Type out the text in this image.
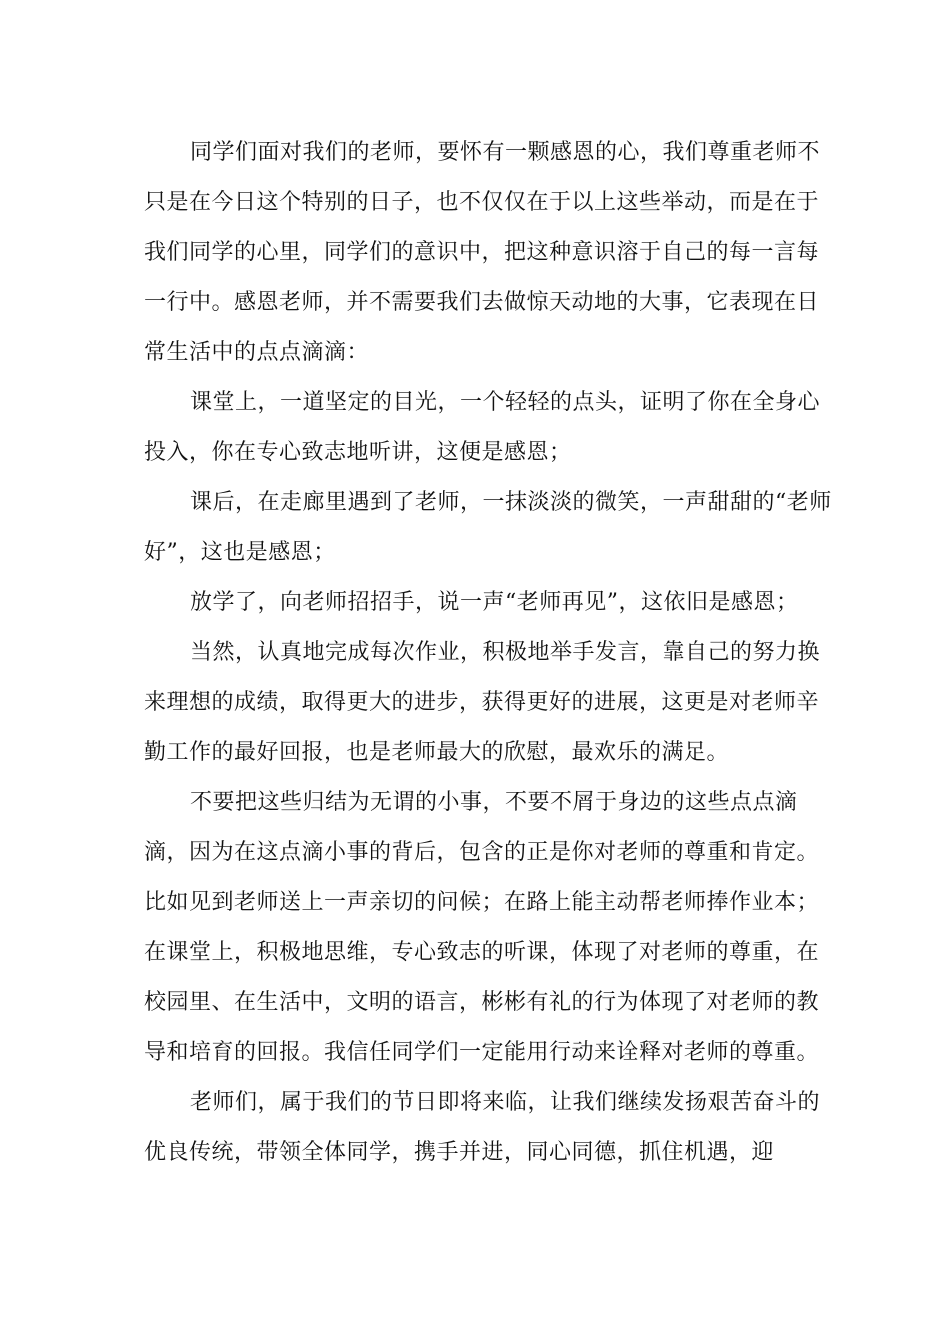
同学们面对我们的老师，要怀有一颗感恩的心，我们尊重老师不只是在今日这个特别的日子，也不仅仅在于以上这些举动，而是在于我们同学的心里，同学们的意识中，把这种意识溶于自己的每一言每一行中。感恩老师，并不需要我们去做惊天动地的大事，它表现在日常生活中的点点滴滴：

课堂上，一道坚定的目光，一个轻轻的点头，证明了你在全身心投入，你在专心致志地听讲，这便是感恩；

课后，在走廊里遇到了老师，一抹淡淡的微笑，一声甜甜的“老师好”，这也是感恩；

放学了，向老师招招手，说一声“老师再见”，这依旧是感恩；

当然，认真地完成每次作业，积极地举手发言，靠自己的努力换来理想的成绩，取得更大的进步，获得更好的进展，这更是对老师辛勤工作的最好回报，也是老师最大的欣慰，最欢乐的满足。

不要把这些归结为无谓的小事，不要不屑于身边的这些点点滴滴，因为在这点滴小事的背后，包含的正是你对老师的尊重和肯定。比如见到老师送上一声亲切的问候；在路上能主动帮老师捧作业本；在课堂上，积极地思维，专心致志的听课，体现了对老师的尊重，在校园里、在生活中，文明的语言，彬彬有礼的行为体现了对老师的教导和培育的回报。我信任同学们一定能用行动来诠释对老师的尊重。

老师们，属于我们的节日即将来临，让我们继续发扬艰苦奋斗的优良传统，带领全体同学，携手并进，同心同德，抓住机遇，迎
